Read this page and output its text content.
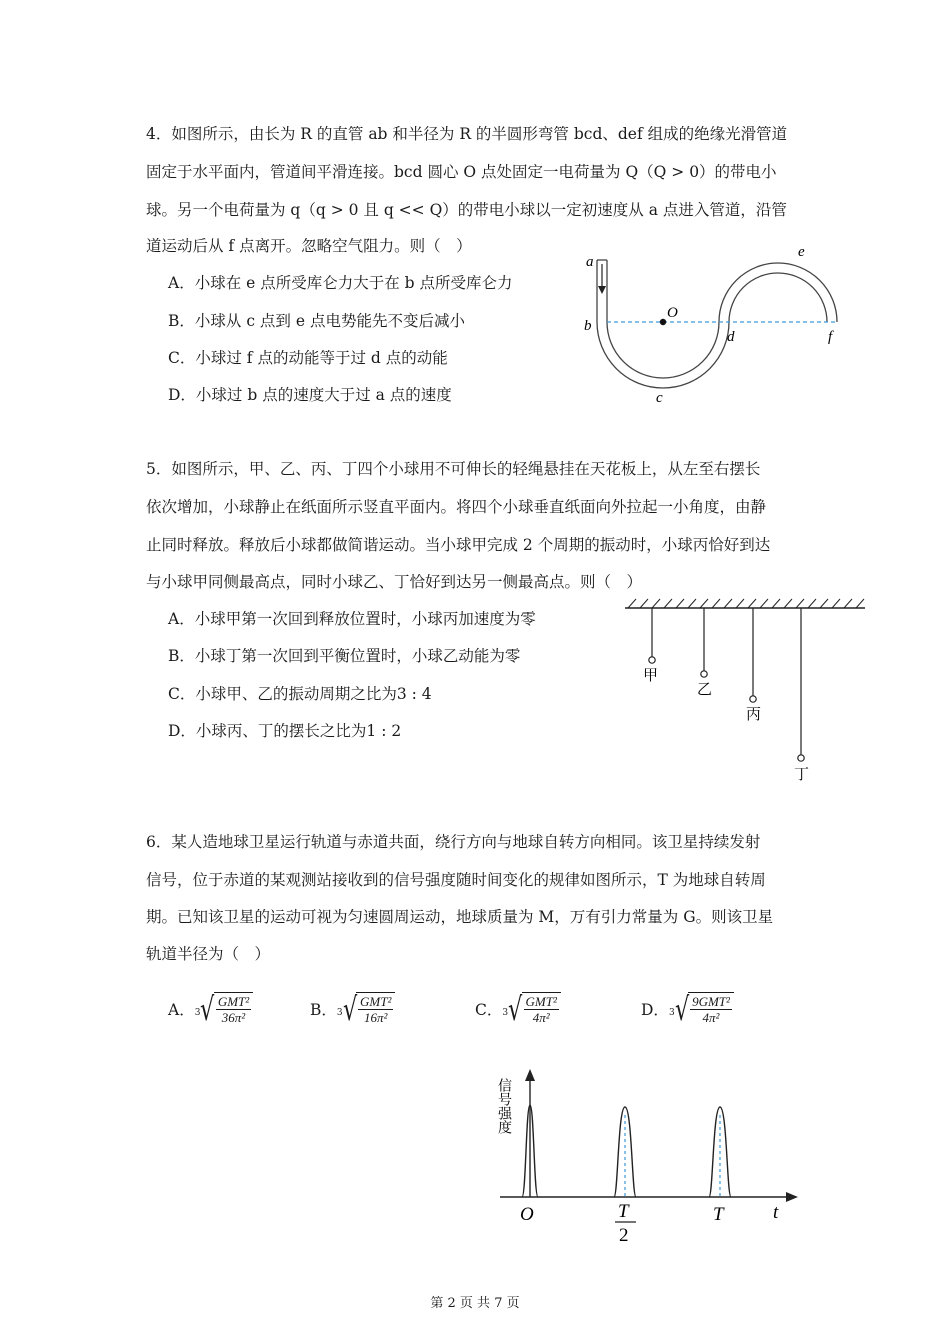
4．如图所示，由长为 R 的直管 ab 和半径为 R 的半圆形弯管 bcd、def 组成的绝缘光滑管道
固定于水平面内，管道间平滑连接。bcd 圆心 O 点处固定一电荷量为 Q（Q > 0）的带电小
球。另一个电荷量为 q（q > 0 且 q << Q）的带电小球以一定初速度从 a 点进入管道，沿管
道运动后从 f 点离开。忽略空气阻力。则（　）
A．小球在 e 点所受库仑力大于在 b 点所受库仑力
B．小球从 c 点到 e 点电势能先不变后减小
C．小球过 f 点的动能等于过 d 点的动能
D．小球过 b 点的速度大于过 a 点的速度
O
a
b
c
d
e
f
5．如图所示，甲、乙、丙、丁四个小球用不可伸长的轻绳悬挂在天花板上，从左至右摆长
依次增加，小球静止在纸面所示竖直平面内。将四个小球垂直纸面向外拉起一小角度，由静
止同时释放。释放后小球都做简谐运动。当小球甲完成 2 个周期的振动时，小球丙恰好到达
与小球甲同侧最高点，同时小球乙、丁恰好到达另一侧最高点。则（　）
A．小球甲第一次回到释放位置时，小球丙加速度为零
B．小球丁第一次回到平衡位置时，小球乙动能为零
C．小球甲、乙的振动周期之比为3 : 4
D．小球丙、丁的摆长之比为1 : 2
甲
乙
丙
丁
6．某人造地球卫星运行轨道与赤道共面，绕行方向与地球自转方向相同。该卫星持续发射
信号，位于赤道的某观测站接收到的信号强度随时间变化的规律如图所示，T 为地球自转周
期。已知该卫星的运动可视为匀速圆周运动，地球质量为 M，万有引力常量为 G。则该卫星
轨道半径为（　）
A． 3 √ $\frac{\text{GMT²}}{\text{36π²}}$	B． 3 √ $\frac{\text{GMT²}}{\text{16π²}}$	C． 3 √ $\frac{\text{GMT²}}{\text{4π²}}$	D． 3 √ $\frac{\text{9GMT²}}{\text{4π²}}$
信号强度
O	T
2
T	t
第 2 页 共 7 页
